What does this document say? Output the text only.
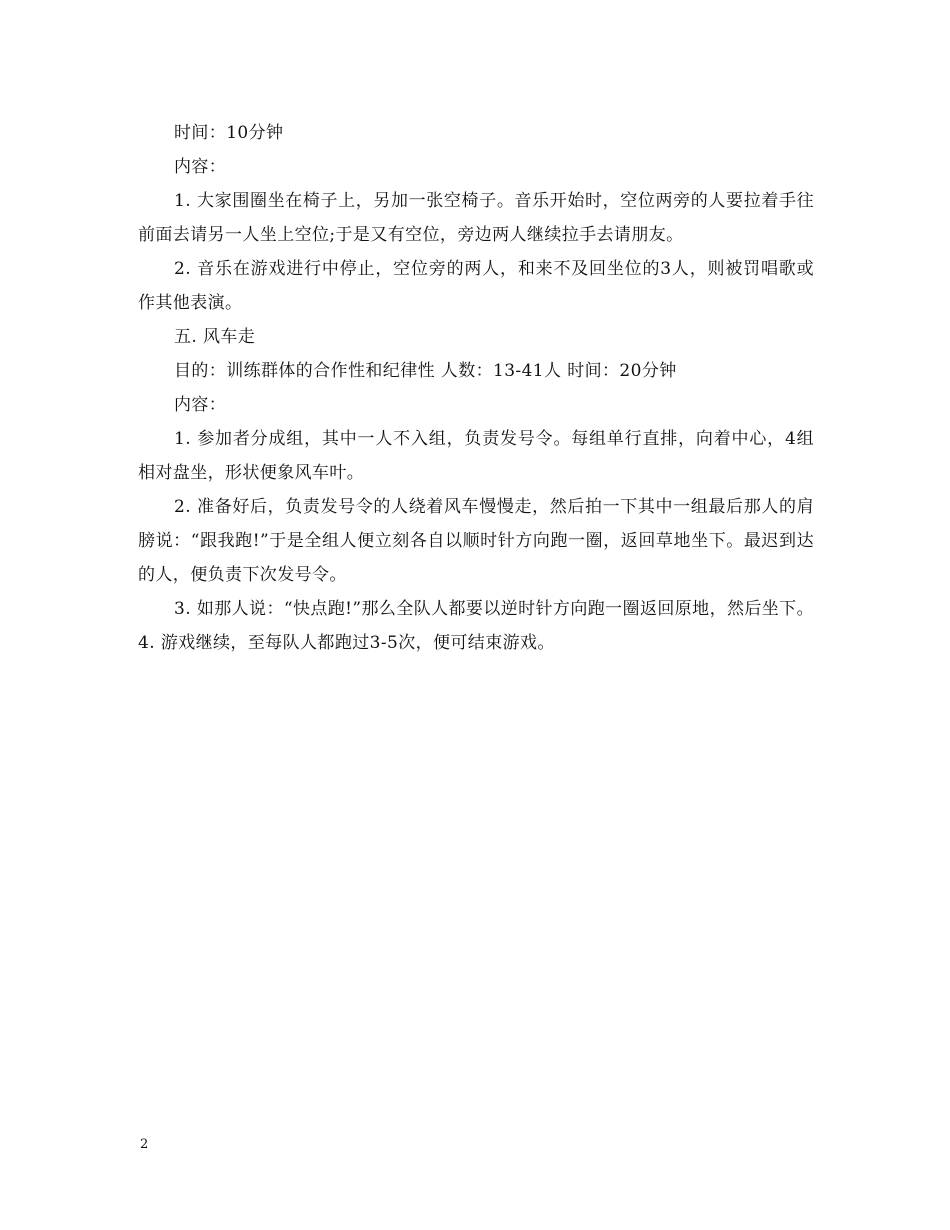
时间：10分钟

内容：

1. 大家围圈坐在椅子上，另加一张空椅子。音乐开始时，空位两旁的人要拉着手往前面去请另一人坐上空位;于是又有空位，旁边两人继续拉手去请朋友。

2. 音乐在游戏进行中停止，空位旁的两人，和来不及回坐位的3人，则被罚唱歌或作其他表演。

五. 风车走

目的：训练群体的合作性和纪律性 人数：13-41人 时间：20分钟

内容：

1. 参加者分成组，其中一人不入组，负责发号令。每组单行直排，向着中心，4组相对盘坐，形状便象风车叶。

2. 准备好后，负责发号令的人绕着风车慢慢走，然后拍一下其中一组最后那人的肩膀说：“跟我跑!”于是全组人便立刻各自以顺时针方向跑一圈，返回草地坐下。最迟到达的人，便负责下次发号令。

3. 如那人说：“快点跑!”那么全队人都要以逆时针方向跑一圈返回原地，然后坐下。 4. 游戏继续，至每队人都跑过3-5次，便可结束游戏。

2
